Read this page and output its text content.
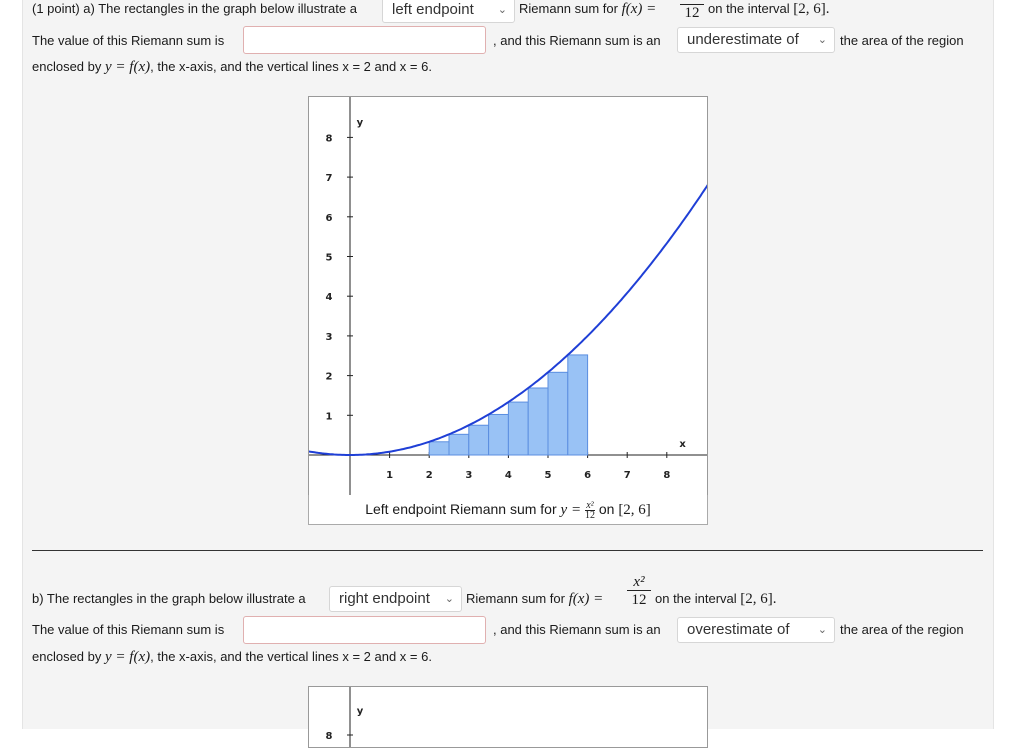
(1 point) a) The rectangles in the graph below illustrate a	left endpoint ⌄ Riemann sum for f(x) =	12 on the interval [2, 6].
The value of this Riemann sum is	, and this Riemann sum is an	underestimate of ⌄ the area of the region
enclosed by y = f(x), the x-axis, and the vertical lines x = 2 and x = 6.
1	2	3	4	5	6	7	8
1
2
3
4
5
6
7
8
x
y
Left endpoint Riemann sum for $y = \frac{\text{x²}}{12}$ on [2, 6]
b) The rectangles in the graph below illustrate a	right endpoint ⌄ Riemann sum for f(x) =
x²
12 on the interval [2, 6].
The value of this Riemann sum is	, and this Riemann sum is an	overestimate of	⌄ the area of the region
enclosed by y = f(x), the x-axis, and the vertical lines x = 2 and x = 6.
y
8
